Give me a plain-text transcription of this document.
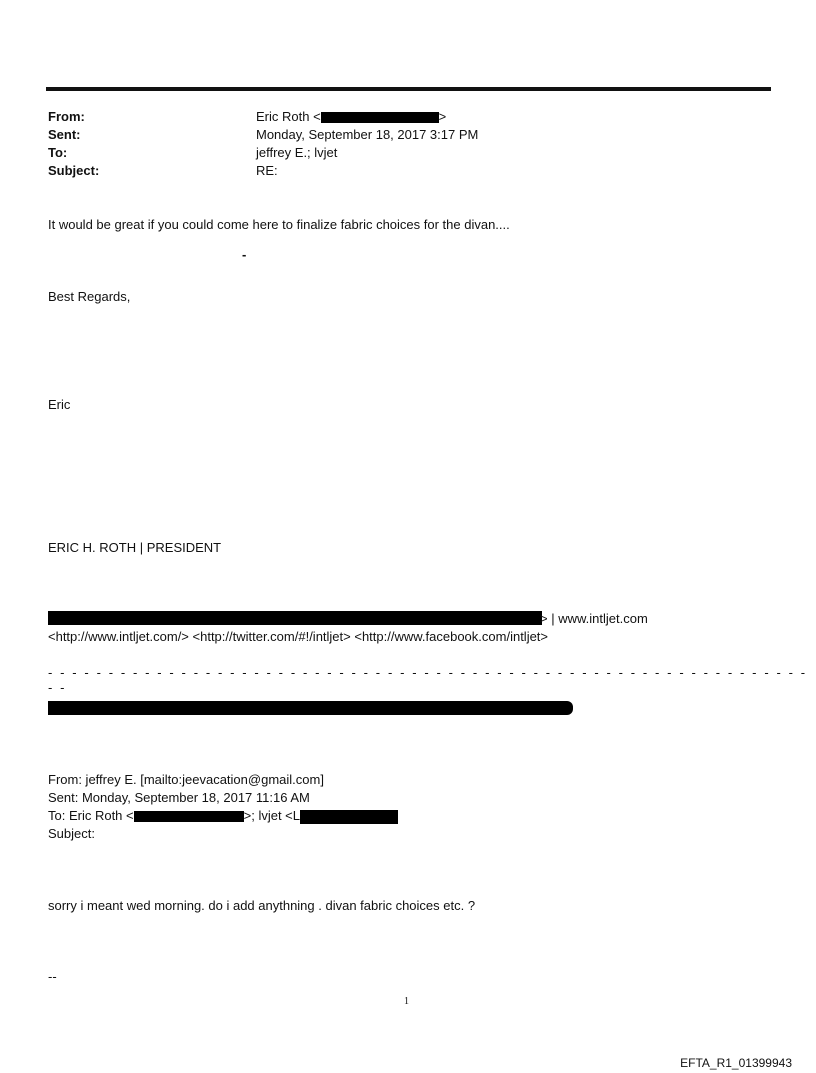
From:	Eric Roth <	>
Sent:	Monday, September 18, 2017 3:17 PM
To:	jeffrey E.; lvjet
Subject:	RE:
It would be great if you could come here to finalize fabric choices for the divan....
-
Best Regards,
Eric
ERIC H. ROTH | PRESIDENT
> | www.intljet.com
<http://www.intljet.com/> <http://twitter.com/#!/intljet> <http://www.facebook.com/intljet>
- - - - - - - - - - - - - - - - - - - - - - - - - - - - - - - - - - - - - - - - - - - - - - - - - - - - - - - - - - - - - - - - -
From: jeffrey E. [mailto:jeevacation@gmail.com]
Sent: Monday, September 18, 2017 11:16 AM
To: Eric Roth <	>; lvjet <L
Subject:
sorry i meant wed morning. do i add anythning . divan fabric choices etc. ?
--
1
EFTA_R1_01399943
